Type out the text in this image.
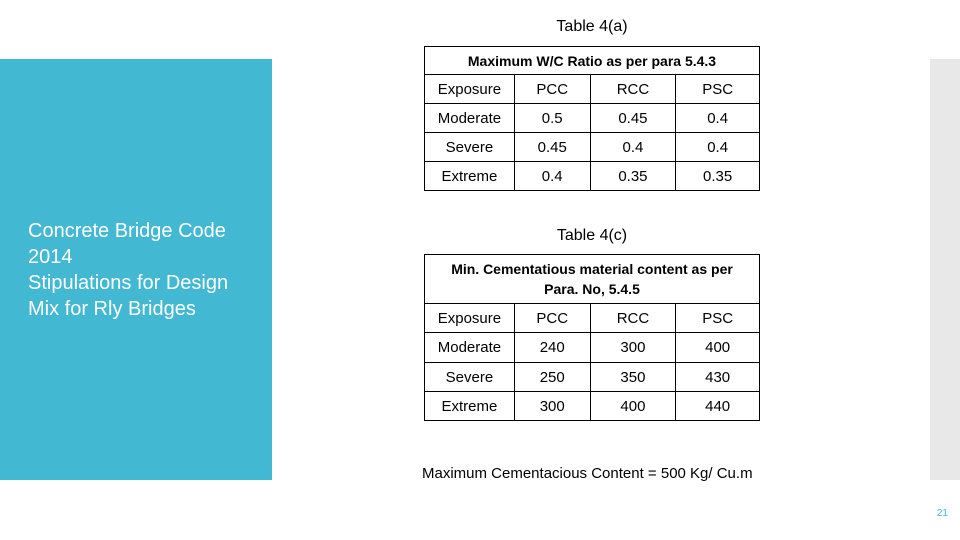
Concrete Bridge Code
2014
Stipulations for Design
Mix for Rly Bridges
Table 4(a)
Maximum W/C Ratio as per para 5.4.3			
Exposure	PCC	RCC	PSC
Moderate	0.5	0.45	0.4
Severe	0.45	0.4	0.4
Extreme	0.4	0.35	0.35
Table 4(c)
Min. Cementatious material content as per Para. No, 5.4.5			
Exposure	PCC	RCC	PSC
Moderate	240	300	400
Severe	250	350	430
Extreme	300	400	440
Maximum Cementacious Content = 500 Kg/ Cu.m
21
